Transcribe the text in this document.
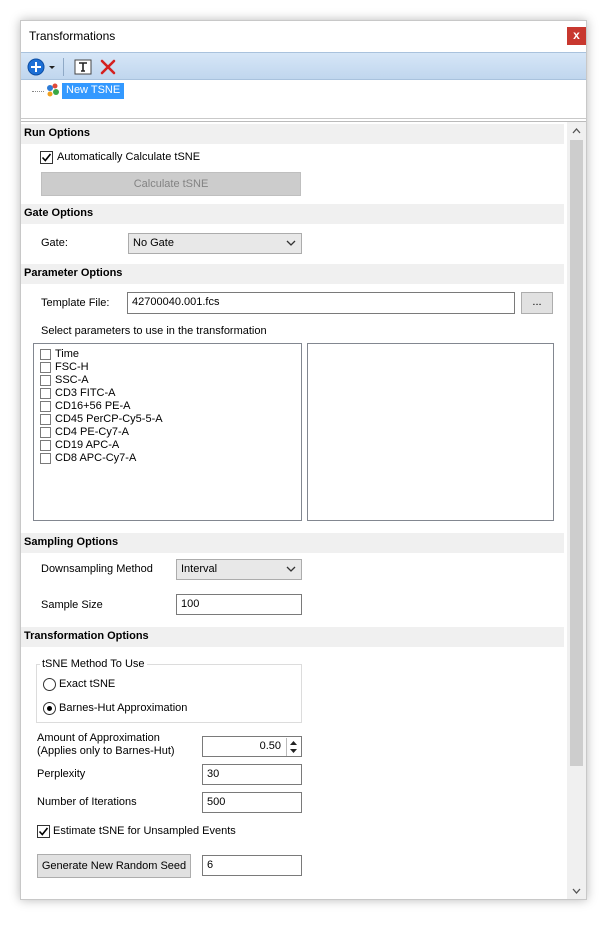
Transformations	x
New TSNE
Run Options
Automatically Calculate tSNE
Calculate tSNE
Gate Options
Gate:	No Gate
Parameter Options
Template File:	42700040.001.fcs	...
Select parameters to use in the transformation
Time
FSC-H
SSC-A
CD3 FITC-A
CD16+56 PE-A
CD45 PerCP-Cy5-5-A
CD4 PE-Cy7-A
CD19 APC-A
CD8 APC-Cy7-A
Sampling Options
Downsampling Method	Interval
Sample Size	100
Transformation Options
tSNE Method To Use
Exact tSNE
Barnes-Hut Approximation
Amount of Approximation
(Applies only to Barnes-Hut)	0.50
Perplexity	30
Number of Iterations	500
Estimate tSNE for Unsampled Events
Generate New Random Seed	6
